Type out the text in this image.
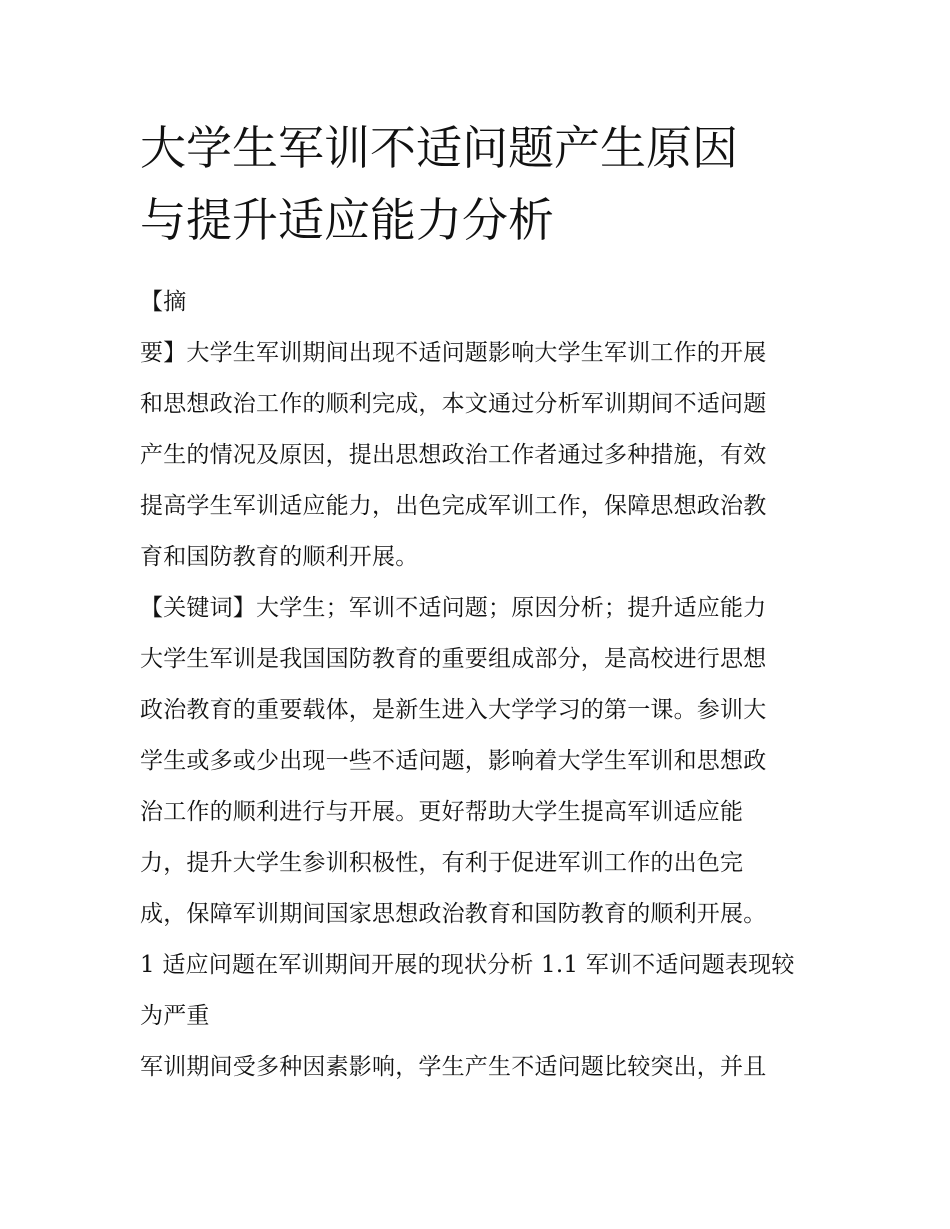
大学生军训不适问题产生原因
与提升适应能力分析
【摘
要】大学生军训期间出现不适问题影响大学生军训工作的开展
和思想政治工作的顺利完成，本文通过分析军训期间不适问题
产生的情况及原因，提出思想政治工作者通过多种措施，有效
提高学生军训适应能力，出色完成军训工作，保障思想政治教
育和国防教育的顺利开展。
【关键词】大学生；军训不适问题；原因分析；提升适应能力
大学生军训是我国国防教育的重要组成部分，是高校进行思想
政治教育的重要载体，是新生进入大学学习的第一课。参训大
学生或多或少出现一些不适问题，影响着大学生军训和思想政
治工作的顺利进行与开展。更好帮助大学生提高军训适应能
力，提升大学生参训积极性，有利于促进军训工作的出色完
成，保障军训期间国家思想政治教育和国防教育的顺利开展。
1 适应问题在军训期间开展的现状分析 1.1 军训不适问题表现较
为严重
军训期间受多种因素影响，学生产生不适问题比较突出，并且
